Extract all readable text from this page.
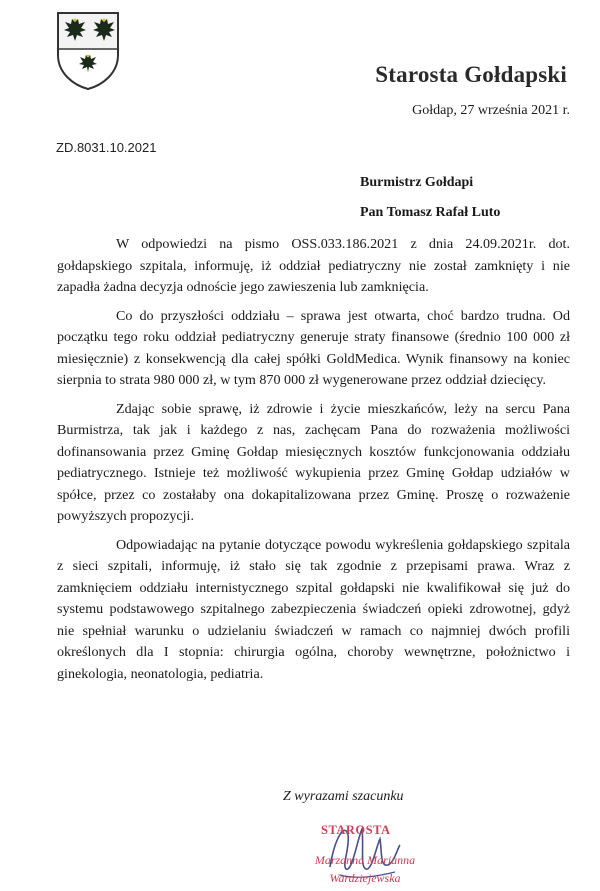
Starosta Gołdapski
Gołdap, 27 września 2021 r.
ZD.8031.10.2021
Burmistrz Gołdapi
Pan Tomasz Rafał Luto

W odpowiedzi na pismo OSS.033.186.2021 z dnia 24.09.2021r. dot. gołdapskiego szpitala, informuję, iż oddział pediatryczny nie został zamknięty i nie zapadła żadna decyzja odnoście jego zawieszenia lub zamknięcia.

Co do przyszłości oddziału – sprawa jest otwarta, choć bardzo trudna. Od początku tego roku oddział pediatryczny generuje straty finansowe (średnio 100 000 zł miesięcznie) z konsekwencją dla całej spółki GoldMedica. Wynik finansowy na koniec sierpnia to strata 980 000 zł, w tym 870 000 zł wygenerowane przez oddział dziecięcy.

Zdając sobie sprawę, iż zdrowie i życie mieszkańców, leży na sercu Pana Burmistrza, tak jak i każdego z nas, zachęcam Pana do rozważenia możliwości dofinansowania przez Gminę Gołdap miesięcznych kosztów funkcjonowania oddziału pediatrycznego. Istnieje też możliwość wykupienia przez Gminę Gołdap udziałów w spółce, przez co zostałaby ona dokapitalizowana przez Gminę. Proszę o rozważenie powyższych propozycji.

Odpowiadając na pytanie dotyczące powodu wykreślenia gołdapskiego szpitala z sieci szpitali, informuję, iż stało się tak zgodnie z przepisami prawa. Wraz z zamknięciem oddziału internistycznego szpital gołdapski nie kwalifikował się już do systemu podstawowego szpitalnego zabezpieczenia świadczeń opieki zdrowotnej, gdyż nie spełniał warunku o udzielaniu świadczeń w ramach co najmniej dwóch profili określonych dla I stopnia: chirurgia ogólna, choroby wewnętrzne, położnictwo i ginekologia, neonatologia, pediatria.

Z wyrazami szacunku
STAROSTA
Marzanna Marianna
Wardziejewska
